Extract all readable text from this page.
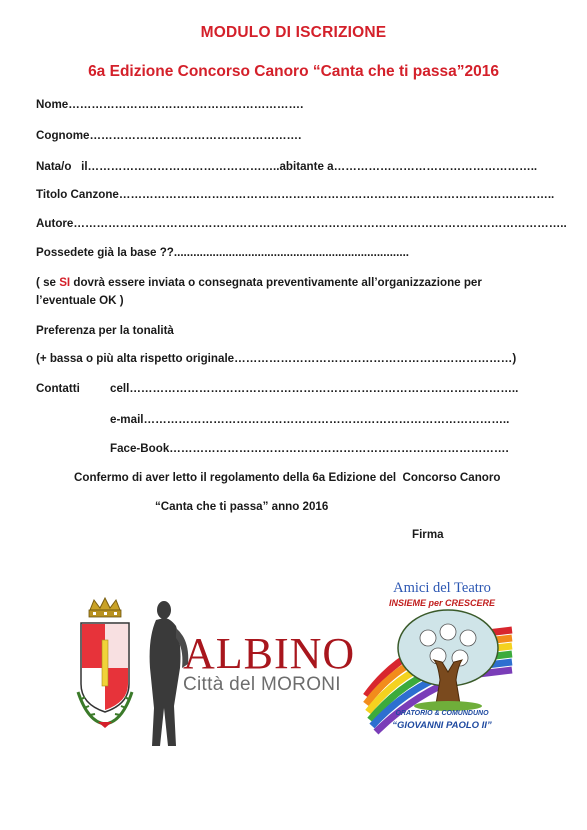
MODULO DI ISCRIZIONE
6a Edizione Concorso Canoro “Canta che ti passa”2016
Nome…………………………………………………….
Cognome……………………………………………….
Nata/o   il…………………………………………..abitante a……………………………………………..
Titolo Canzone…………………………………………………………………………………………………..
Autore………………………………………………………………………………………………………………..
Possedete già la base ??.........................................................................
( se SI dovrà essere inviata o consegnata preventivamente all’organizzazione per
l’eventuale OK )
Preferenza per la tonalità
(+ bassa o più alta rispetto originale………………………………………………………………)
Contatti	cell………………………………………………………………………………………..
e-mail…………………………………………………………………………………..
Face-Book…………………………………………………………………………….
Confermo di aver letto il regolamento della 6a Edizione del  Concorso Canoro
“Canta che ti passa” anno 2016
Firma
ALBINO
Città del MORONI
Amici del Teatro
INSIEME per CRESCERE
ORATORIO & COMUNDUNO
“GIOVANNI PAOLO II”
